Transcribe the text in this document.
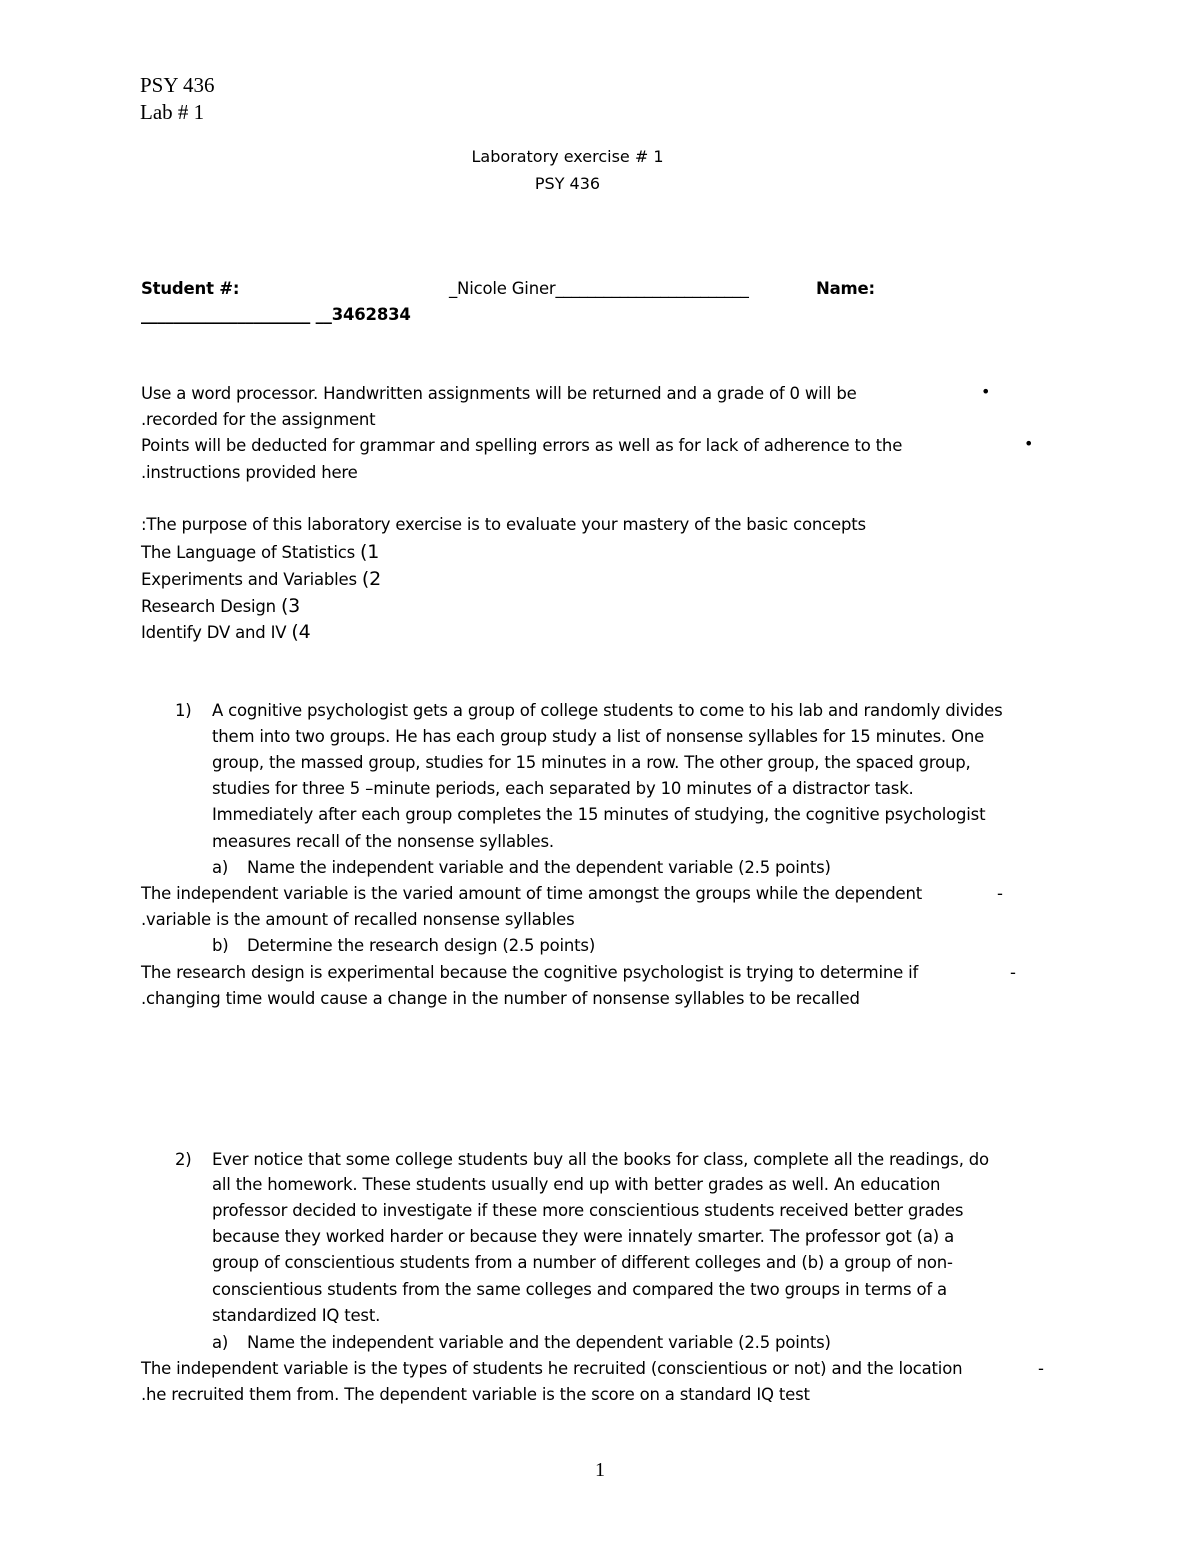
PSY 436
Lab # 1
Laboratory exercise # 1
PSY 436
Student #:	_Nicole Giner________________________	Name:
_____________________ __3462834
Use a word processor. Handwritten assignments will be returned and a grade of 0 will be	•
.recorded for the assignment
Points will be deducted for grammar and spelling errors as well as for lack of adherence to the	•
.instructions provided here
:The purpose of this laboratory exercise is to evaluate your mastery of the basic concepts
The Language of Statistics (1
Experiments and Variables (2
Research Design (3
Identify DV and IV (4
1) A cognitive psychologist gets a group of college students to come to his lab and randomly divides
them into two groups. He has each group study a list of nonsense syllables for 15 minutes. One
group, the massed group, studies for 15 minutes in a row. The other group, the spaced group,
studies for three 5 –minute periods, each separated by 10 minutes of a distractor task.
Immediately after each group completes the 15 minutes of studying, the cognitive psychologist
measures recall of the nonsense syllables.
a) Name the independent variable and the dependent variable (2.5 points)
The independent variable is the varied amount of time amongst the groups while the dependent	-
.variable is the amount of recalled nonsense syllables
b) Determine the research design (2.5 points)
The research design is experimental because the cognitive psychologist is trying to determine if	-
.changing time would cause a change in the number of nonsense syllables to be recalled
2) Ever notice that some college students buy all the books for class, complete all the readings, do
all the homework. These students usually end up with better grades as well. An education
professor decided to investigate if these more conscientious students received better grades
because they worked harder or because they were innately smarter. The professor got (a) a
group of conscientious students from a number of different colleges and (b) a group of non-
conscientious students from the same colleges and compared the two groups in terms of a
standardized IQ test.
a) Name the independent variable and the dependent variable (2.5 points)
The independent variable is the types of students he recruited (conscientious or not) and the location	-
.he recruited them from. The dependent variable is the score on a standard IQ test
1
